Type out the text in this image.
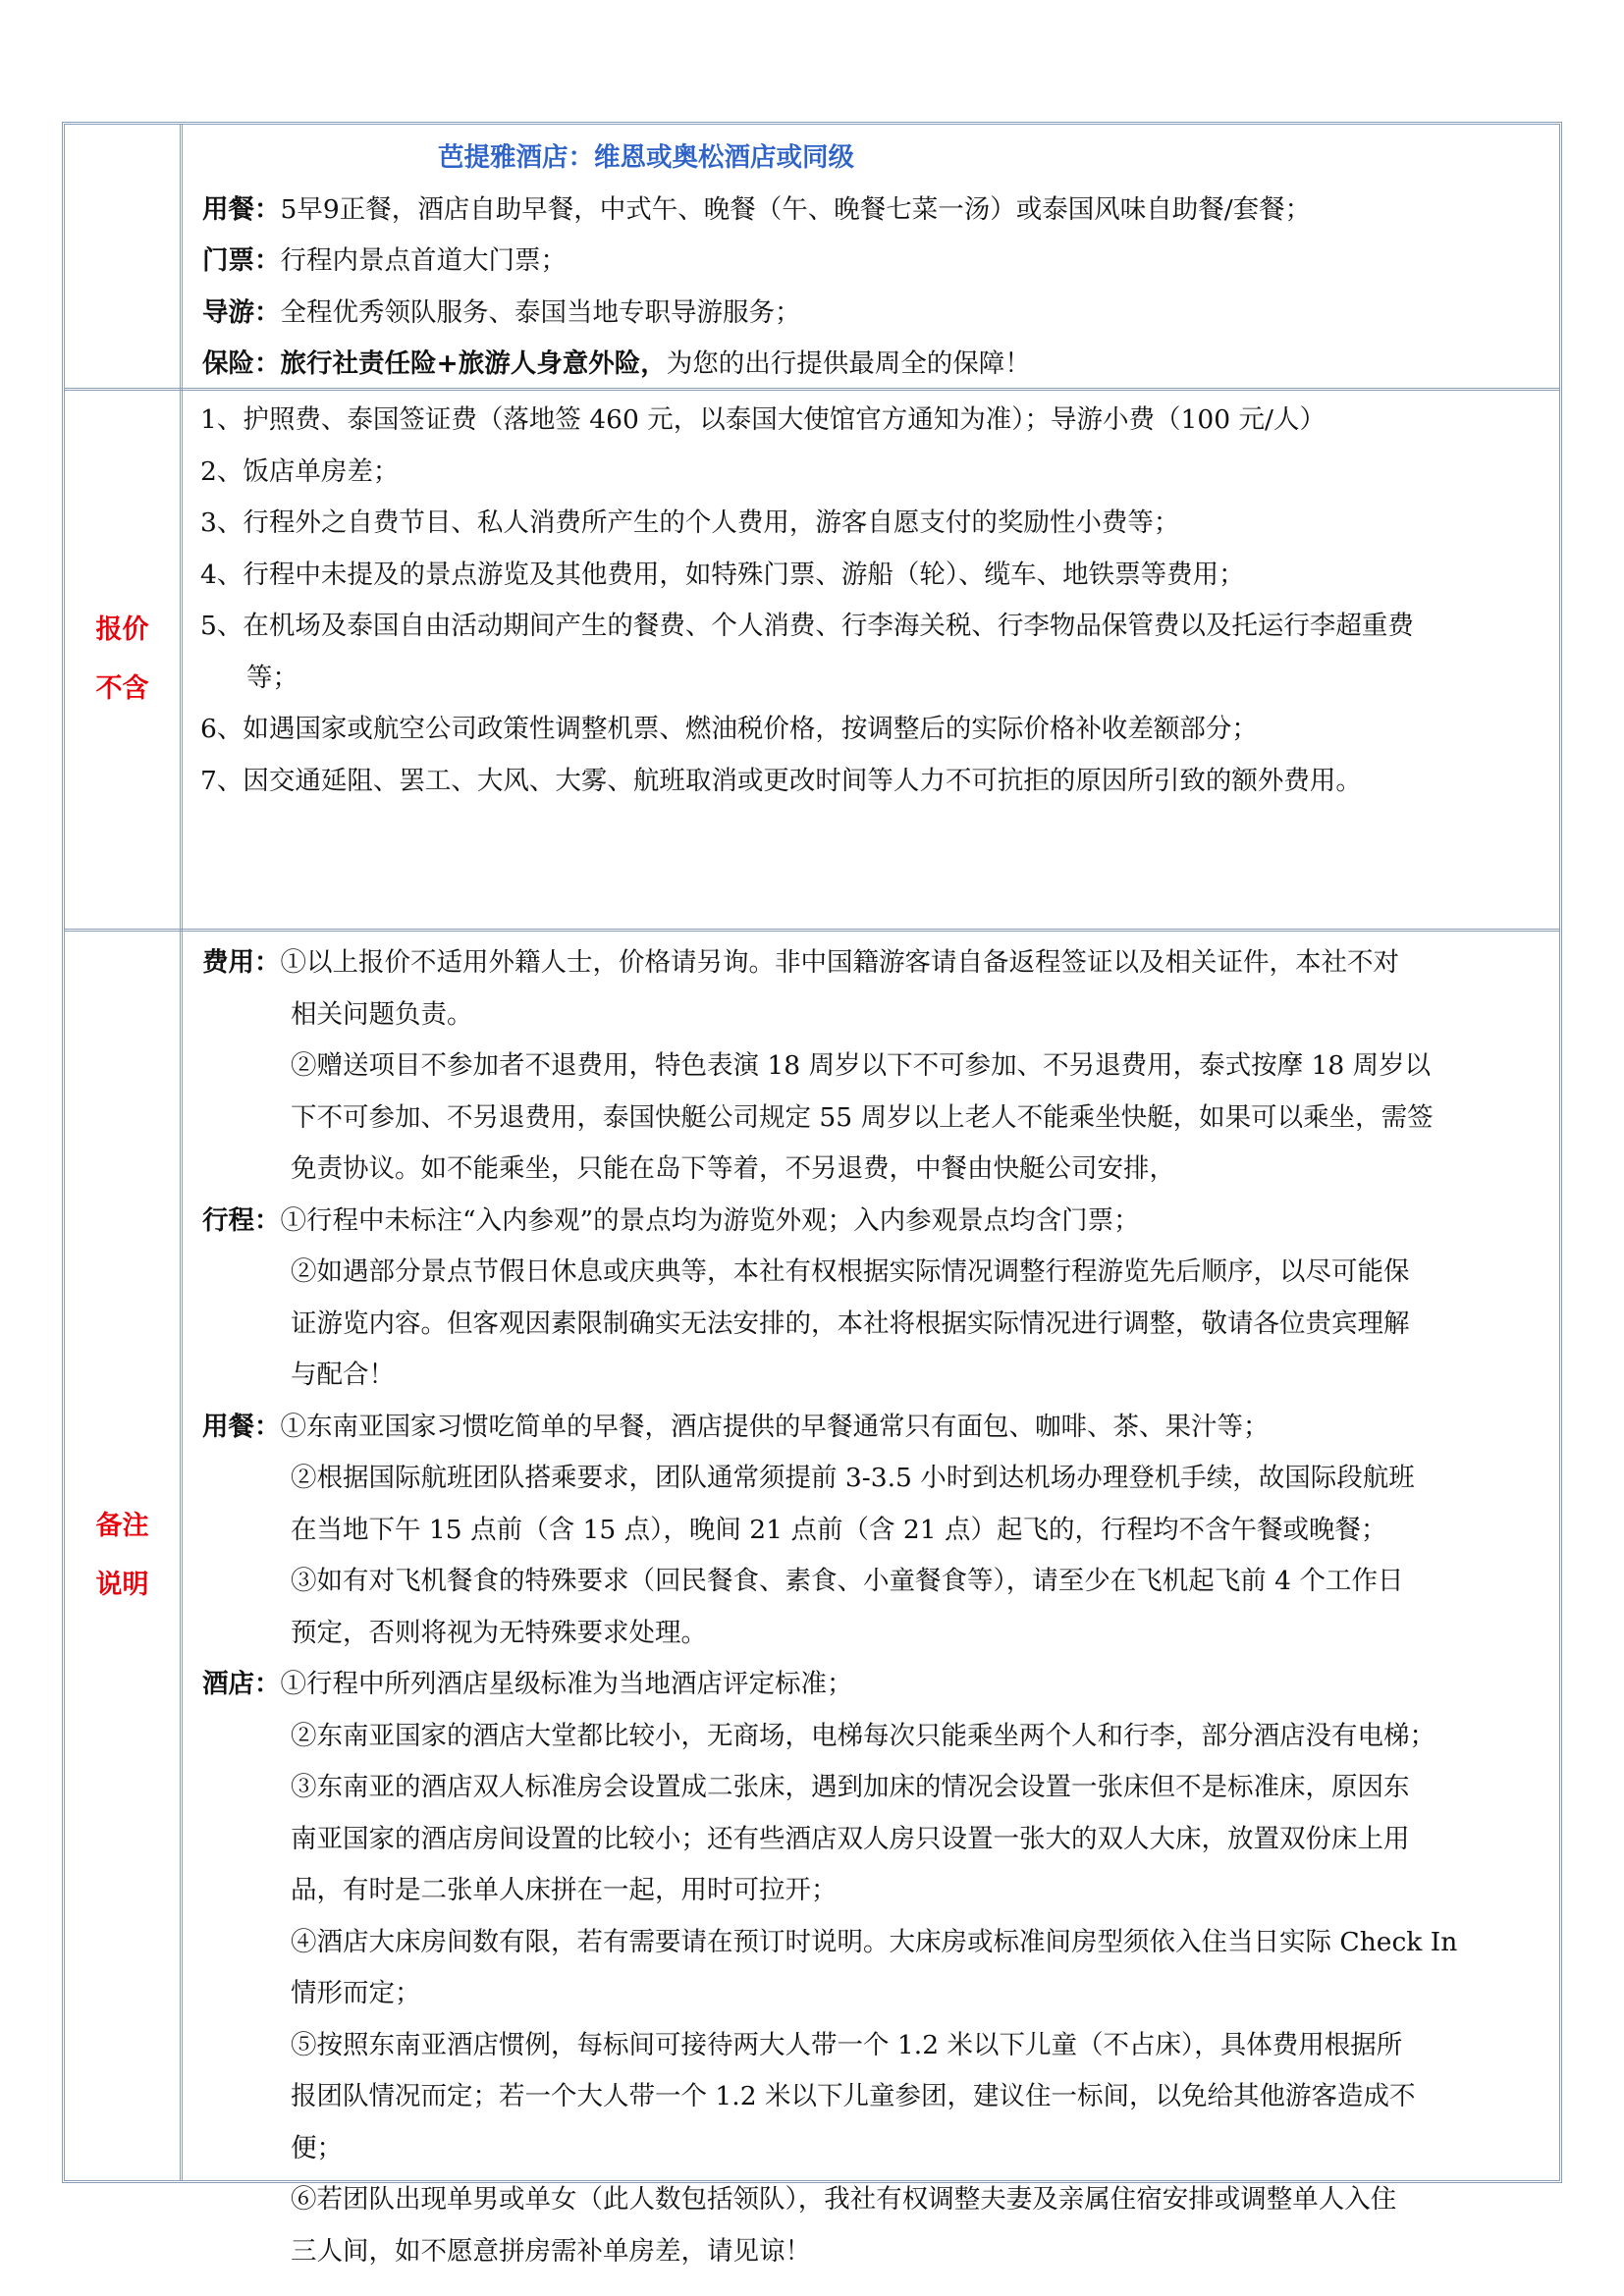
芭提雅酒店：维恩或奥松酒店或同级
用餐：5早9正餐，酒店自助早餐，中式午、晚餐（午、晚餐七菜一汤）或泰国风味自助餐/套餐；
门票：行程内景点首道大门票；
导游：全程优秀领队服务、泰国当地专职导游服务；
保险：旅行社责任险+旅游人身意外险，为您的出行提供最周全的保障！
报价
不含
1、护照费、泰国签证费（落地签 460 元，以泰国大使馆官方通知为准）；导游小费（100 元/人）
2、饭店单房差；
3、行程外之自费节目、私人消费所产生的个人费用，游客自愿支付的奖励性小费等；
4、行程中未提及的景点游览及其他费用，如特殊门票、游船（轮）、缆车、地铁票等费用；
5、在机场及泰国自由活动期间产生的餐费、个人消费、行李海关税、行李物品保管费以及托运行李超重费
等；
6、如遇国家或航空公司政策性调整机票、燃油税价格，按调整后的实际价格补收差额部分；
7、因交通延阻、罢工、大风、大雾、航班取消或更改时间等人力不可抗拒的原因所引致的额外费用。
备注
说明
费用：①以上报价不适用外籍人士，价格请另询。非中国籍游客请自备返程签证以及相关证件，本社不对
相关问题负责。
②赠送项目不参加者不退费用，特色表演 18 周岁以下不可参加、不另退费用，泰式按摩 18 周岁以
下不可参加、不另退费用，泰国快艇公司规定 55 周岁以上老人不能乘坐快艇，如果可以乘坐，需签
免责协议。如不能乘坐，只能在岛下等着，不另退费，中餐由快艇公司安排，
行程：①行程中未标注“入内参观”的景点均为游览外观；入内参观景点均含门票；
②如遇部分景点节假日休息或庆典等，本社有权根据实际情况调整行程游览先后顺序，以尽可能保
证游览内容。但客观因素限制确实无法安排的，本社将根据实际情况进行调整，敬请各位贵宾理解
与配合！
用餐：①东南亚国家习惯吃简单的早餐，酒店提供的早餐通常只有面包、咖啡、茶、果汁等；
②根据国际航班团队搭乘要求，团队通常须提前 3-3.5 小时到达机场办理登机手续，故国际段航班
在当地下午 15 点前（含 15 点），晚间 21 点前（含 21 点）起飞的，行程均不含午餐或晚餐；
③如有对飞机餐食的特殊要求（回民餐食、素食、小童餐食等），请至少在飞机起飞前 4 个工作日
预定，否则将视为无特殊要求处理。
酒店：①行程中所列酒店星级标准为当地酒店评定标准；
②东南亚国家的酒店大堂都比较小，无商场，电梯每次只能乘坐两个人和行李，部分酒店没有电梯；
③东南亚的酒店双人标准房会设置成二张床，遇到加床的情况会设置一张床但不是标准床，原因东
南亚国家的酒店房间设置的比较小；还有些酒店双人房只设置一张大的双人大床，放置双份床上用
品，有时是二张单人床拼在一起，用时可拉开；
④酒店大床房间数有限，若有需要请在预订时说明。大床房或标准间房型须依入住当日实际 Check In
情形而定；
⑤按照东南亚酒店惯例，每标间可接待两大人带一个 1.2 米以下儿童（不占床），具体费用根据所
报团队情况而定；若一个大人带一个 1.2 米以下儿童参团，建议住一标间，以免给其他游客造成不
便；
⑥若团队出现单男或单女（此人数包括领队），我社有权调整夫妻及亲属住宿安排或调整单人入住
三人间，如不愿意拼房需补单房差，请见谅！
